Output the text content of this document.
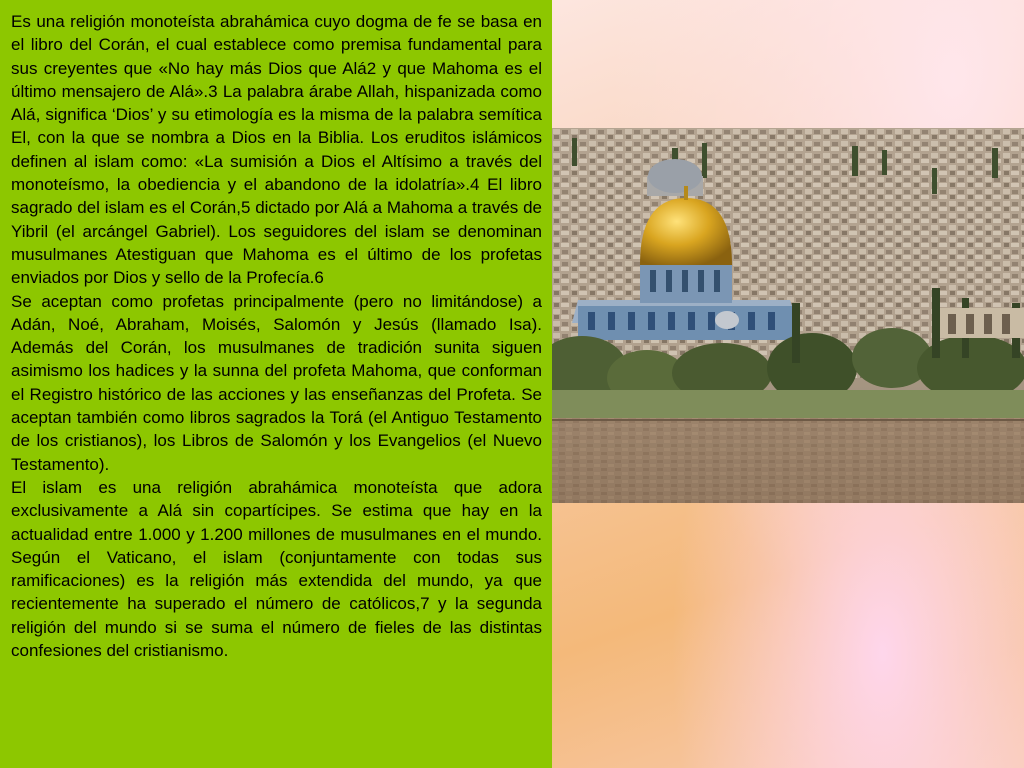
Es una religión monoteísta abrahámica cuyo dogma de fe se basa en el libro del Corán, el cual establece como premisa fundamental para sus creyentes que «No hay más Dios que Alá2 y que Mahoma es el último mensajero de Alá».3 La palabra árabe Allah, hispanizada como Alá, significa ‘Dios’ y su etimología es la misma de la palabra semítica El, con la que se nombra a Dios en la Biblia. Los eruditos islámicos definen al islam como: «La sumisión a Dios el Altísimo a través del monoteísmo, la obediencia y el abandono de la idolatría».4 El libro sagrado del islam es el Corán,5 dictado por Alá a Mahoma a través de Yibril (el arcángel Gabriel). Los seguidores del islam se denominan musulmanes Atestiguan que Mahoma es el último de los profetas enviados por Dios y sello de la Profecía.6

Se aceptan como profetas principalmente (pero no limitándose) a Adán, Noé, Abraham, Moisés, Salomón y Jesús (llamado Isa). Además del Corán, los musulmanes de tradición sunita siguen asimismo los hadices y la sunna del profeta Mahoma, que conforman el Registro histórico de las acciones y las enseñanzas del Profeta. Se aceptan también como libros sagrados la Torá (el Antiguo Testamento de los cristianos), los Libros de Salomón y los Evangelios (el Nuevo Testamento).

El islam es una religión abrahámica monoteísta que adora exclusivamente a Alá sin copartícipes. Se estima que hay en la actualidad entre 1.000 y 1.200 millones de musulmanes en el mundo. Según el Vaticano, el islam (conjuntamente con todas sus ramificaciones) es la religión más extendida del mundo, ya que recientemente ha superado el número de católicos,7 y la segunda religión del mundo si se suma el número de fieles de las distintas confesiones del cristianismo.
